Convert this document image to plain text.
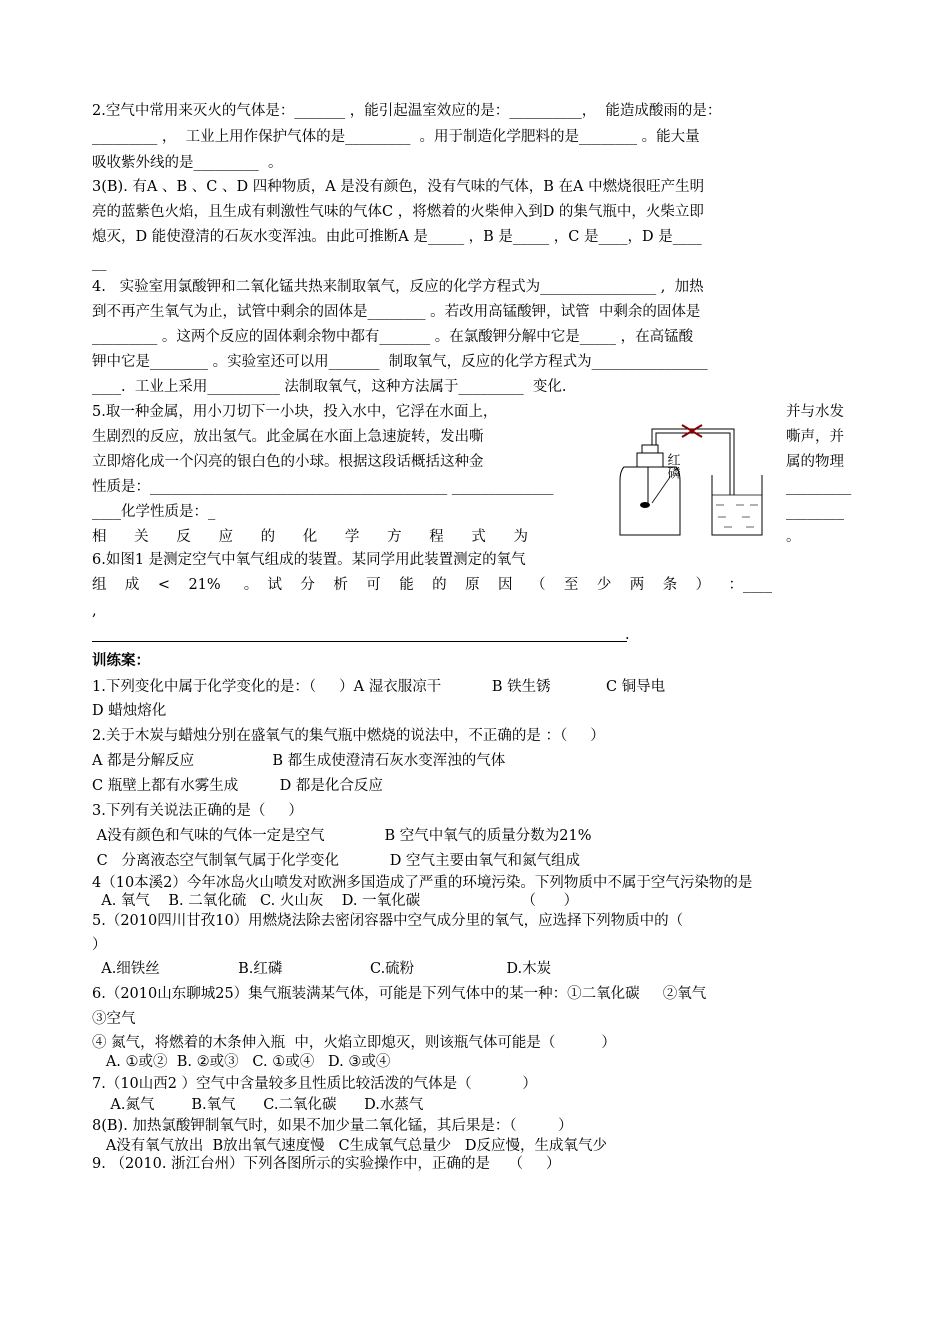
2.空气中常用来灭火的气体是：_______ ，能引起温室效应的是：__________，  能造成酸雨的是：
_________ ，  工业上用作保护气体的是_________  。用于制造化学肥料的是________ 。能大量
吸收紫外线的是_________  。
3(B). 有A 、B 、C 、D 四种物质，A 是没有颜色，没有气味的气体，B 在A 中燃烧很旺产生明
亮的蓝紫色火焰，且生成有刺激性气味的气体C ，将燃着的火柴伸入到D 的集气瓶中，火柴立即
熄灭，D 能使澄清的石灰水变浑浊。由此可推断A 是_____ ，B 是_____ ，C 是____，D 是____
__
4.   实验室用氯酸钾和二氧化锰共热来制取氧气，反应的化学方程式为________________ ,  加热
到不再产生氧气为止，试管中剩余的固体是________ 。若改用高锰酸钾，试管  中剩余的固体是
_________ 。这两个反应的固体剩余物中都有_______ 。在氯酸钾分解中它是_____ ，在高锰酸
钾中它是________ 。实验室还可以用_______  制取氧气，反应的化学方程式为________________
____.  工业上采用__________ 法制取氧气，这种方法属于_________  变化.
5.取一种金属，用小刀切下一小块，投入水中，它浮在水面上，
生剧烈的反应，放出氢气。此金属在水面上急速旋转，发出嘶
立即熔化成一个闪亮的银白色的小球。根据这段话概括这种金
性质是：_________________________________________ ______________
____化学性质是：_
相      关      反      应      的      化      学      方      程      式      为
6.如图1 是测定空气中氧气组成的装置。某同学用此装置测定的氧气
组    成    <    21%     。  试    分    析    可    能    的    原    因    （    至    少    两    条    ）    ：____
,
1.下列变化中属于化学变化的是：（     ）A 湿衣服凉干           B 铁生锈            C 铜导电
D 蜡烛熔化
2.关于木炭与蜡烛分别在盛氧气的集气瓶中燃烧的说法中，不正确的是 ：（     ）
A 都是分解反应                 B 都生成使澄清石灰水变浑浊的气体
C 瓶壁上都有水雾生成         D 都是化合反应
3.下列有关说法正确的是（     ）
A没有颜色和气味的气体一定是空气             B 空气中氧气的质量分数为21%
C   分离液态空气制氧气属于化学变化           D 空气主要由氧气和氮气组成
4（10本溪2）今年冰岛火山喷发对欧洲多国造成了严重的环境污染。下列物质中不属于空气污染物的是
A. 氧气    B. 二氧化硫   C. 火山灰    D. 一氧化碳                      （      ）
5.（2010四川甘孜10）用燃烧法除去密闭容器中空气成分里的氧气，应选择下列物质中的（
）
A.细铁丝                 B.红磷                   C.硫粉                    D.木炭
6.（2010山东聊城25）集气瓶装满某气体，可能是下列气体中的某一种：①二氧化碳     ②氧气
③空气
④ 氮气，将燃着的木条伸入瓶  中，火焰立即熄灭，则该瓶气体可能是（          ）
A. ①或②  B. ②或③   C. ①或④   D. ③或④
7.（10山西2 ）空气中含量较多且性质比较活泼的气体是（           ）
A.氮气        B.氧气      C.二氧化碳      D.水蒸气
8(B). 加热氯酸钾制氧气时，如果不加少量二氧化锰，其后果是：（         ）
A没有氧气放出  B放出氧气速度慢   C生成氧气总量少   D反应慢，生成氧气少
9. （2010. 浙江台州）下列各图所示的实验操作中，正确的是    （     ）
训练案：
.
并与水发
嘶声，并
属的物理
_________
________
。
红磷
